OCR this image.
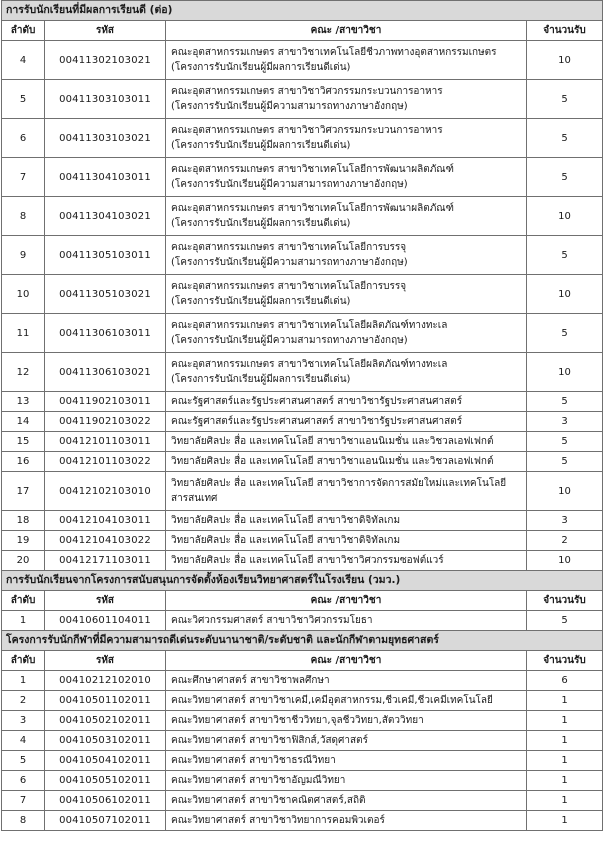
การรับนักเรียนที่มีผลการเรียนดี (ต่อ)			
ลำดับ	รหัส	คณะ /สาขาวิชา	จำนวนรับ
4	00411302103021	คณะอุตสาหกรรมเกษตร สาขาวิชาเทคโนโลยีชีวภาพทางอุตสาหกรรมเกษตร
(โครงการรับนักเรียนผู้มีผลการเรียนดีเด่น)	10
5	00411303103011	คณะอุตสาหกรรมเกษตร สาขาวิชาวิศวกรรมกระบวนการอาหาร
(โครงการรับนักเรียนผู้มีความสามารถทางภาษาอังกฤษ)	5
6	00411303103021	คณะอุตสาหกรรมเกษตร สาขาวิชาวิศวกรรมกระบวนการอาหาร
(โครงการรับนักเรียนผู้มีผลการเรียนดีเด่น)	5
7	00411304103011	คณะอุตสาหกรรมเกษตร สาขาวิชาเทคโนโลยีการพัฒนาผลิตภัณฑ์
(โครงการรับนักเรียนผู้มีความสามารถทางภาษาอังกฤษ)	5
8	00411304103021	คณะอุตสาหกรรมเกษตร สาขาวิชาเทคโนโลยีการพัฒนาผลิตภัณฑ์
(โครงการรับนักเรียนผู้มีผลการเรียนดีเด่น)	10
9	00411305103011	คณะอุตสาหกรรมเกษตร สาขาวิชาเทคโนโลยีการบรรจุ
(โครงการรับนักเรียนผู้มีความสามารถทางภาษาอังกฤษ)	5
10	00411305103021	คณะอุตสาหกรรมเกษตร สาขาวิชาเทคโนโลยีการบรรจุ
(โครงการรับนักเรียนผู้มีผลการเรียนดีเด่น)	10
11	00411306103011	คณะอุตสาหกรรมเกษตร สาขาวิชาเทคโนโลยีผลิตภัณฑ์ทางทะเล
(โครงการรับนักเรียนผู้มีความสามารถทางภาษาอังกฤษ)	5
12	00411306103021	คณะอุตสาหกรรมเกษตร สาขาวิชาเทคโนโลยีผลิตภัณฑ์ทางทะเล
(โครงการรับนักเรียนผู้มีผลการเรียนดีเด่น)	10
13	00411902103011	คณะรัฐศาสตร์และรัฐประศาสนศาสตร์ สาขาวิชารัฐประศาสนศาสตร์	5
14	00411902103022	คณะรัฐศาสตร์และรัฐประศาสนศาสตร์ สาขาวิชารัฐประศาสนศาสตร์	3
15	00412101103011	วิทยาลัยศิลปะ สื่อ และเทคโนโลยี สาขาวิชาแอนนิเมชั่น และวิชวลเอฟเฟกต์	5
16	00412101103022	วิทยาลัยศิลปะ สื่อ และเทคโนโลยี สาขาวิชาแอนนิเมชั่น และวิชวลเอฟเฟกต์	5
17	00412102103010	วิทยาลัยศิลปะ สื่อ และเทคโนโลยี สาขาวิชาการจัดการสมัยใหม่และเทคโนโลยี
สารสนเทศ	10
18	00412104103011	วิทยาลัยศิลปะ สื่อ และเทคโนโลยี สาขาวิชาดิจิทัลเกม	3
19	00412104103022	วิทยาลัยศิลปะ สื่อ และเทคโนโลยี สาขาวิชาดิจิทัลเกม	2
20	00412171103011	วิทยาลัยศิลปะ สื่อ และเทคโนโลยี สาขาวิชาวิศวกรรมซอฟต์แวร์	10
การรับนักเรียนจากโครงการสนับสนุนการจัดตั้งห้องเรียนวิทยาศาสตร์ในโรงเรียน (วมว.)			
ลำดับ	รหัส	คณะ /สาขาวิชา	จำนวนรับ
1	00410601104011	คณะวิศวกรรมศาสตร์ สาขาวิชาวิศวกรรมโยธา	5
โครงการรับนักกีฬาที่มีความสามารถดีเด่นระดับนานาชาติ/ระดับชาติ และนักกีฬาตามยุทธศาสตร์			
ลำดับ	รหัส	คณะ /สาขาวิชา	จำนวนรับ
1	00410212102010	คณะศึกษาศาสตร์ สาขาวิชาพลศึกษา	6
2	00410501102011	คณะวิทยาศาสตร์ สาขาวิชาเคมี,เคมีอุตสาหกรรม,ชีวเคมี,ชีวเคมีเทคโนโลยี	1
3	00410502102011	คณะวิทยาศาสตร์ สาขาวิชาชีววิทยา,จุลชีววิทยา,สัตววิทยา	1
4	00410503102011	คณะวิทยาศาสตร์ สาขาวิชาฟิสิกส์,วัสดุศาสตร์	1
5	00410504102011	คณะวิทยาศาสตร์ สาขาวิชาธรณีวิทยา	1
6	00410505102011	คณะวิทยาศาสตร์ สาขาวิชาอัญมณีวิทยา	1
7	00410506102011	คณะวิทยาศาสตร์ สาขาวิชาคณิตศาสตร์,สถิติ	1
8	00410507102011	คณะวิทยาศาสตร์ สาขาวิชาวิทยาการคอมพิวเตอร์	1
